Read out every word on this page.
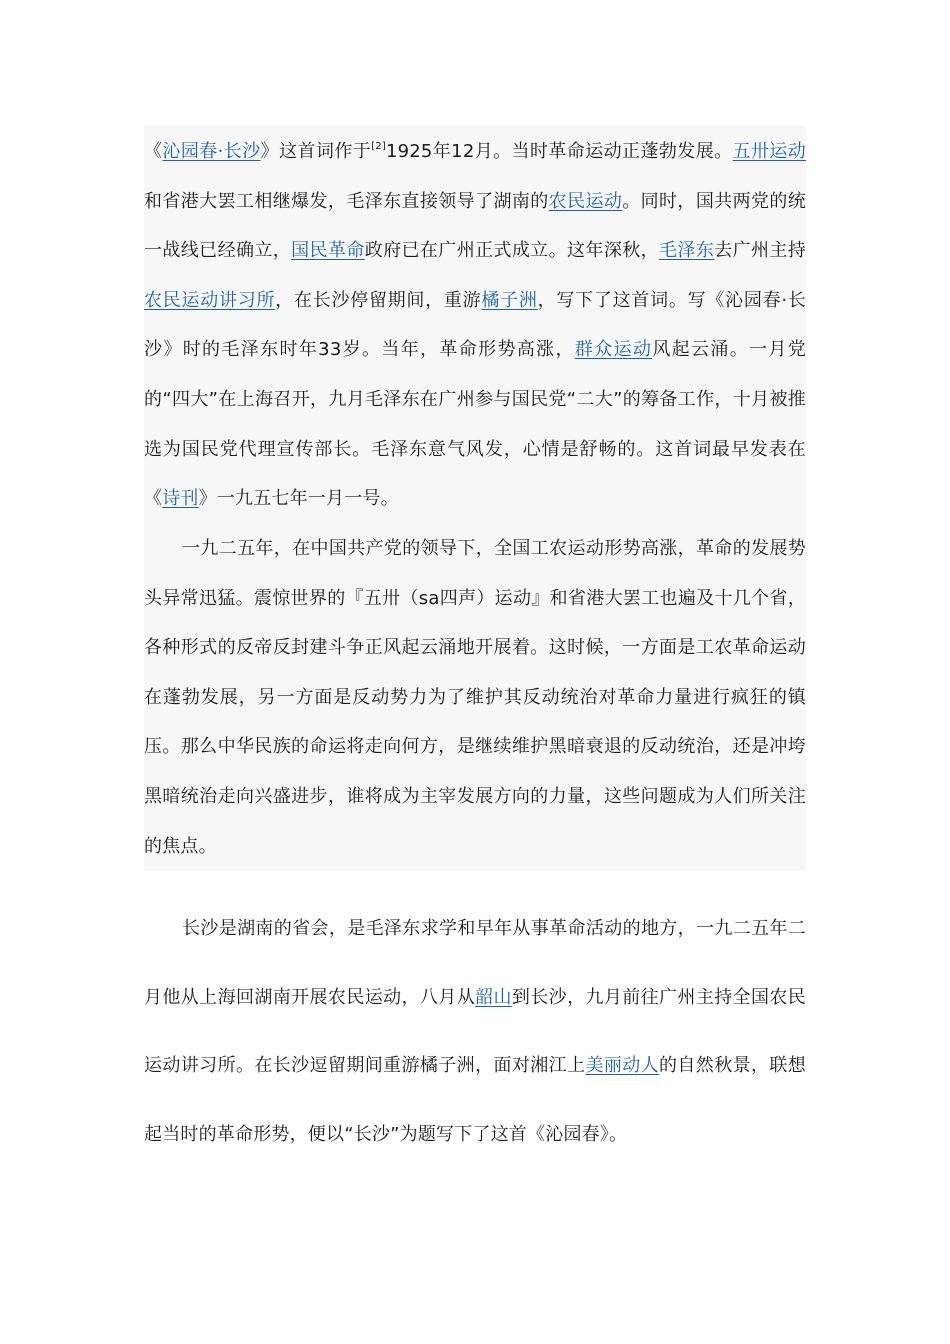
《沁园春·长沙》这首词作于[2]1925年12月。当时革命运动正蓬勃发展。五卅运动和省港大罢工相继爆发，毛泽东直接领导了湖南的农民运动。同时，国共两党的统一战线已经确立，国民革命政府已在广州正式成立。这年深秋，毛泽东去广州主持农民运动讲习所，在长沙停留期间，重游橘子洲，写下了这首词。写《沁园春·长沙》时的毛泽东时年33岁。当年，革命形势高涨，群众运动风起云涌。一月党的“四大”在上海召开，九月毛泽东在广州参与国民党“二大”的筹备工作，十月被推选为国民党代理宣传部长。毛泽东意气风发，心情是舒畅的。这首词最早发表在《诗刊》一九五七年一月一号。

一九二五年，在中国共产党的领导下，全国工农运动形势高涨，革命的发展势头异常迅猛。震惊世界的『五卅（sa四声）运动』和省港大罢工也遍及十几个省，各种形式的反帝反封建斗争正风起云涌地开展着。这时候，一方面是工农革命运动在蓬勃发展，另一方面是反动势力为了维护其反动统治对革命力量进行疯狂的镇压。那么中华民族的命运将走向何方，是继续维护黑暗衰退的反动统治，还是冲垮黑暗统治走向兴盛进步，谁将成为主宰发展方向的力量，这些问题成为人们所关注的焦点。

长沙是湖南的省会，是毛泽东求学和早年从事革命活动的地方，一九二五年二月他从上海回湖南开展农民运动，八月从韶山到长沙，九月前往广州主持全国农民运动讲习所。在长沙逗留期间重游橘子洲，面对湘江上美丽动人的自然秋景，联想起当时的革命形势，便以“长沙”为题写下了这首《沁园春》。
